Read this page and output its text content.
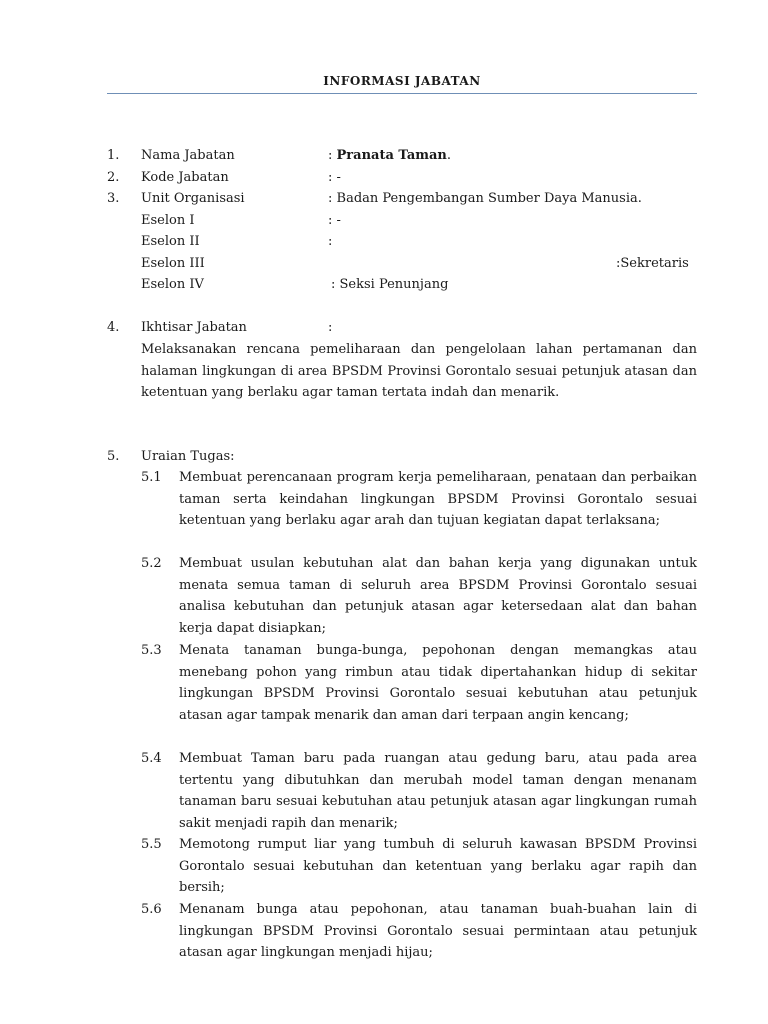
INFORMASI JABATAN
1. Nama Jabatan	: Pranata Taman.
2. Kode Jabatan	: -
3. Unit Organisasi	: Badan Pengembangan Sumber Daya Manusia.
Eselon I	: -
Eselon II	:
Eselon III	:Sekretaris
Eselon IV	: Seksi Penunjang
4. Ikhtisar Jabatan	:
Melaksanakan rencana pemeliharaan dan pengelolaan lahan pertamanan dan halaman lingkungan di area BPSDM Provinsi Gorontalo sesuai petunjuk atasan dan ketentuan yang berlaku agar taman tertata indah dan menarik.
5. Uraian Tugas:
5.1 Membuat perencanaan program kerja pemeliharaan, penataan dan perbaikan taman serta keindahan lingkungan BPSDM Provinsi Gorontalo sesuai ketentuan yang berlaku agar arah dan tujuan kegiatan dapat terlaksana;
5.2 Membuat usulan kebutuhan alat dan bahan kerja yang digunakan untuk menata semua taman di seluruh area BPSDM Provinsi Gorontalo sesuai analisa kebutuhan dan petunjuk atasan agar ketersedaan alat dan bahan kerja dapat disiapkan;
5.3 Menata tanaman bunga-bunga, pepohonan dengan memangkas atau menebang pohon yang rimbun atau tidak dipertahankan hidup di sekitar lingkungan BPSDM Provinsi Gorontalo sesuai kebutuhan atau petunjuk atasan agar tampak menarik dan aman dari terpaan angin kencang;
5.4 Membuat Taman baru pada ruangan atau gedung baru, atau pada area tertentu yang dibutuhkan dan merubah model taman dengan menanam tanaman baru sesuai kebutuhan atau petunjuk atasan agar lingkungan rumah sakit menjadi rapih dan menarik;
5.5 Memotong rumput liar yang tumbuh di seluruh kawasan BPSDM Provinsi Gorontalo sesuai kebutuhan dan ketentuan yang berlaku agar rapih dan bersih;
5.6 Menanam bunga atau pepohonan, atau tanaman buah-buahan lain di lingkungan BPSDM Provinsi Gorontalo sesuai permintaan atau petunjuk atasan agar lingkungan menjadi hijau;
